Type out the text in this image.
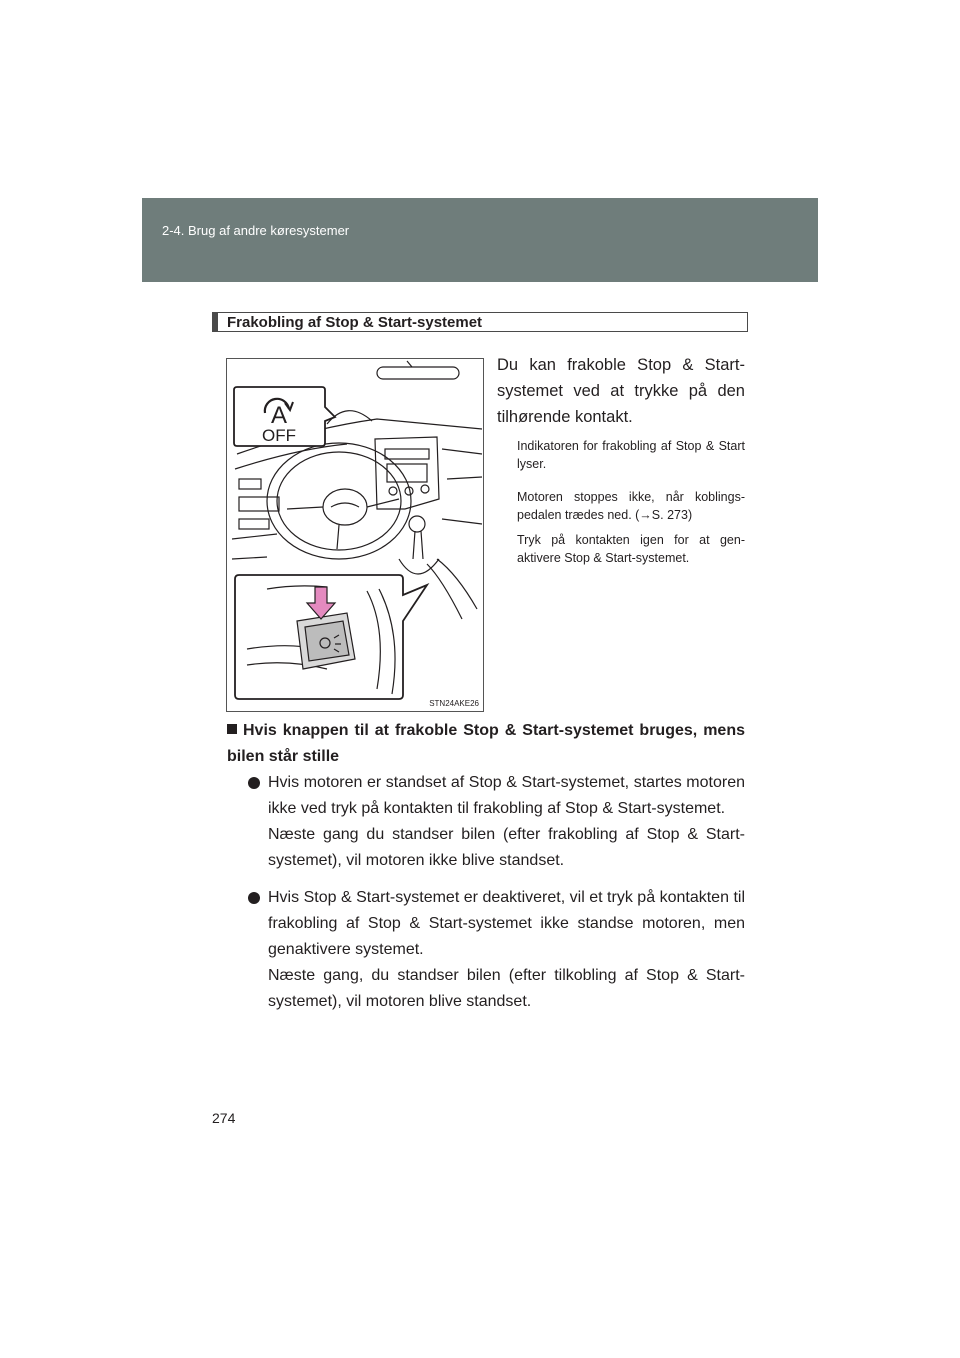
2-4. Brug af andre køresystemer
Frakobling af Stop & Start-systemet
A
OFF
STN24AKE26
Du kan frakoble Stop & Start-systemet ved at trykke på den tilhørende kontakt.
Indikatoren for frakobling af Stop & Start lyser.
Motoren stoppes ikke, når koblings-pedalen trædes ned. (→S. 273)
Tryk på kontakten igen for at gen-aktivere Stop & Start-systemet.
Hvis knappen til at frakoble Stop & Start-systemet bruges, mens bilen står stille

Hvis motoren er standset af Stop & Start-systemet, startes motoren ikke ved tryk på kontakten til frakobling af Stop & Start-systemet.

Næste gang du standser bilen (efter frakobling af Stop & Start-systemet), vil motoren ikke blive standset.

Hvis Stop & Start-systemet er deaktiveret, vil et tryk på kontakten til frakobling af Stop & Start-systemet ikke standse motoren, men genaktivere systemet.

Næste gang, du standser bilen (efter tilkobling af Stop & Start-systemet), vil motoren blive standset.

274
